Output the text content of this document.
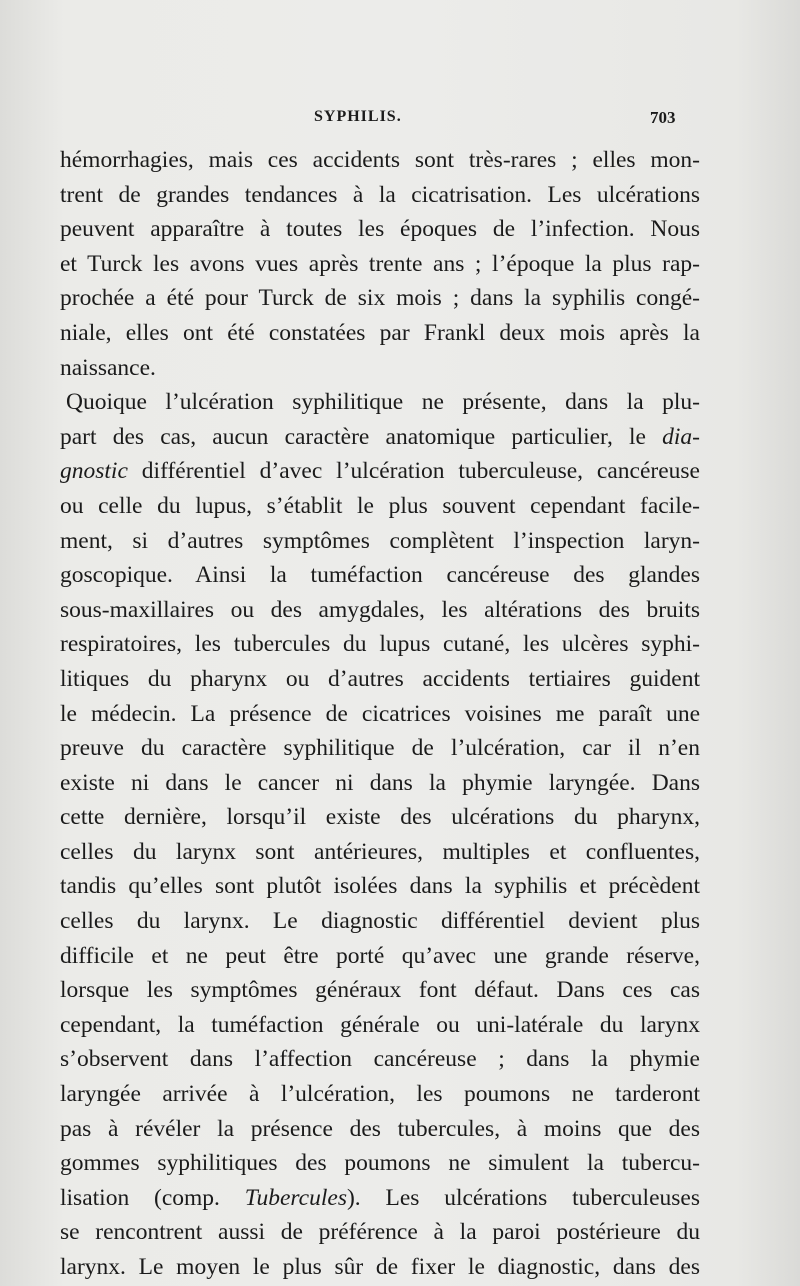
SYPHILIS.	703
hémorrhagies, mais ces accidents sont très-rares ; elles mon-
trent de grandes tendances à la cicatrisation. Les ulcérations
peuvent apparaître à toutes les époques de l’infection. Nous
et Turck les avons vues après trente ans ; l’époque la plus rap-
prochée a été pour Turck de six mois ; dans la syphilis congé-
niale, elles ont été constatées par Frankl deux mois après la
naissance.
Quoique l’ulcération syphilitique ne présente, dans la plu-
part des cas, aucun caractère anatomique particulier, le dia-
gnostic différentiel d’avec l’ulcération tuberculeuse, cancéreuse
ou celle du lupus, s’établit le plus souvent cependant facile-
ment, si d’autres symptômes complètent l’inspection laryn-
goscopique. Ainsi la tuméfaction cancéreuse des glandes
sous-maxillaires ou des amygdales, les altérations des bruits
respiratoires, les tubercules du lupus cutané, les ulcères syphi-
litiques du pharynx ou d’autres accidents tertiaires guident
le médecin. La présence de cicatrices voisines me paraît une
preuve du caractère syphilitique de l’ulcération, car il n’en
existe ni dans le cancer ni dans la phymie laryngée. Dans
cette dernière, lorsqu’il existe des ulcérations du pharynx,
celles du larynx sont antérieures, multiples et confluentes,
tandis qu’elles sont plutôt isolées dans la syphilis et précèdent
celles du larynx. Le diagnostic différentiel devient plus
difficile et ne peut être porté qu’avec une grande réserve,
lorsque les symptômes généraux font défaut. Dans ces cas
cependant, la tuméfaction générale ou uni-latérale du larynx
s’observent dans l’affection cancéreuse ; dans la phymie
laryngée arrivée à l’ulcération, les poumons ne tarderont
pas à révéler la présence des tubercules, à moins que des
gommes syphilitiques des poumons ne simulent la tubercu-
lisation (comp. Tubercules). Les ulcérations tuberculeuses
se rencontrent aussi de préférence à la paroi postérieure du
larynx. Le moyen le plus sûr de fixer le diagnostic, dans des
